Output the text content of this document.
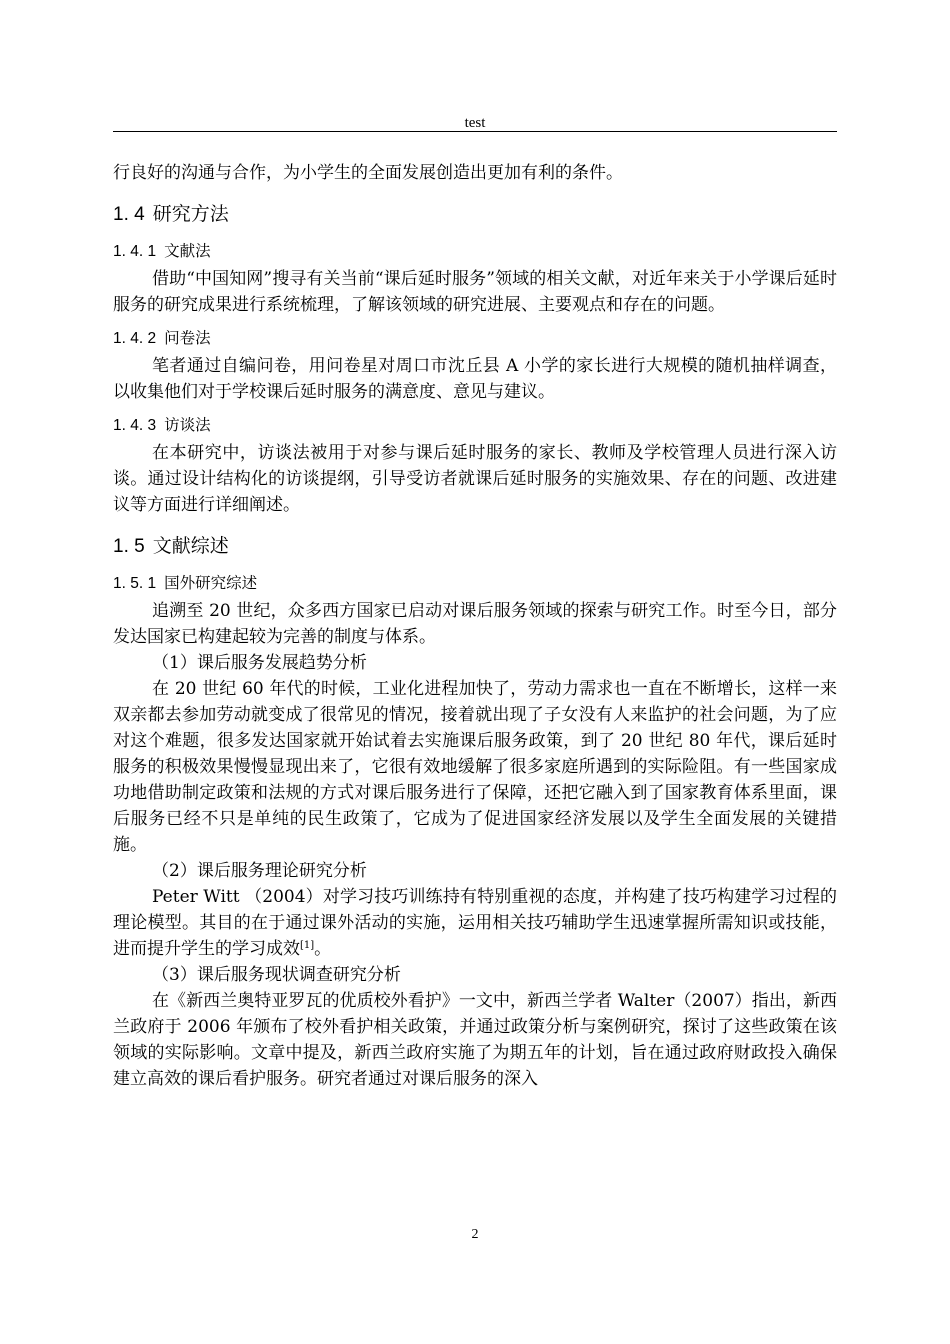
test

行良好的沟通与合作，为小学生的全面发展创造出更加有利的条件。

1. 4 研究方法
1. 4. 1 文献法

借助“中国知网”搜寻有关当前“课后延时服务”领域的相关文献，对近年来关于小学课后延时服务的研究成果进行系统梳理，了解该领域的研究进展、主要观点和存在的问题。

1. 4. 2 问卷法

笔者通过自编问卷，用问卷星对周口市沈丘县 A 小学的家长进行大规模的随机抽样调查，以收集他们对于学校课后延时服务的满意度、意见与建议。

1. 4. 3 访谈法

在本研究中，访谈法被用于对参与课后延时服务的家长、教师及学校管理人员进行深入访谈。通过设计结构化的访谈提纲，引导受访者就课后延时服务的实施效果、存在的问题、改进建议等方面进行详细阐述。

1. 5 文献综述
1. 5. 1 国外研究综述

追溯至 20 世纪，众多西方国家已启动对课后服务领域的探索与研究工作。时至今日，部分发达国家已构建起较为完善的制度与体系。

（1）课后服务发展趋势分析

在 20 世纪 60 年代的时候，工业化进程加快了，劳动力需求也一直在不断增长，这样一来双亲都去参加劳动就变成了很常见的情况，接着就出现了子女没有人来监护的社会问题，为了应对这个难题，很多发达国家就开始试着去实施课后服务政策，到了 20 世纪 80 年代，课后延时服务的积极效果慢慢显现出来了，它很有效地缓解了很多家庭所遇到的实际险阻。有一些国家成功地借助制定政策和法规的方式对课后服务进行了保障，还把它融入到了国家教育体系里面，课后服务已经不只是单纯的民生政策了，它成为了促进国家经济发展以及学生全面发展的关键措施。

（2）课后服务理论研究分析

Peter Witt （2004）对学习技巧训练持有特别重视的态度，并构建了技巧构建学习过程的理论模型。其目的在于通过课外活动的实施，运用相关技巧辅助学生迅速掌握所需知识或技能，进而提升学生的学习成效[1]。

（3）课后服务现状调查研究分析

在《新西兰奥特亚罗瓦的优质校外看护》一文中，新西兰学者 Walter（2007）指出，新西兰政府于 2006 年颁布了校外看护相关政策，并通过政策分析与案例研究，探讨了这些政策在该领域的实际影响。文章中提及，新西兰政府实施了为期五年的计划，旨在通过政府财政投入确保建立高效的课后看护服务。研究者通过对课后服务的深入

2
